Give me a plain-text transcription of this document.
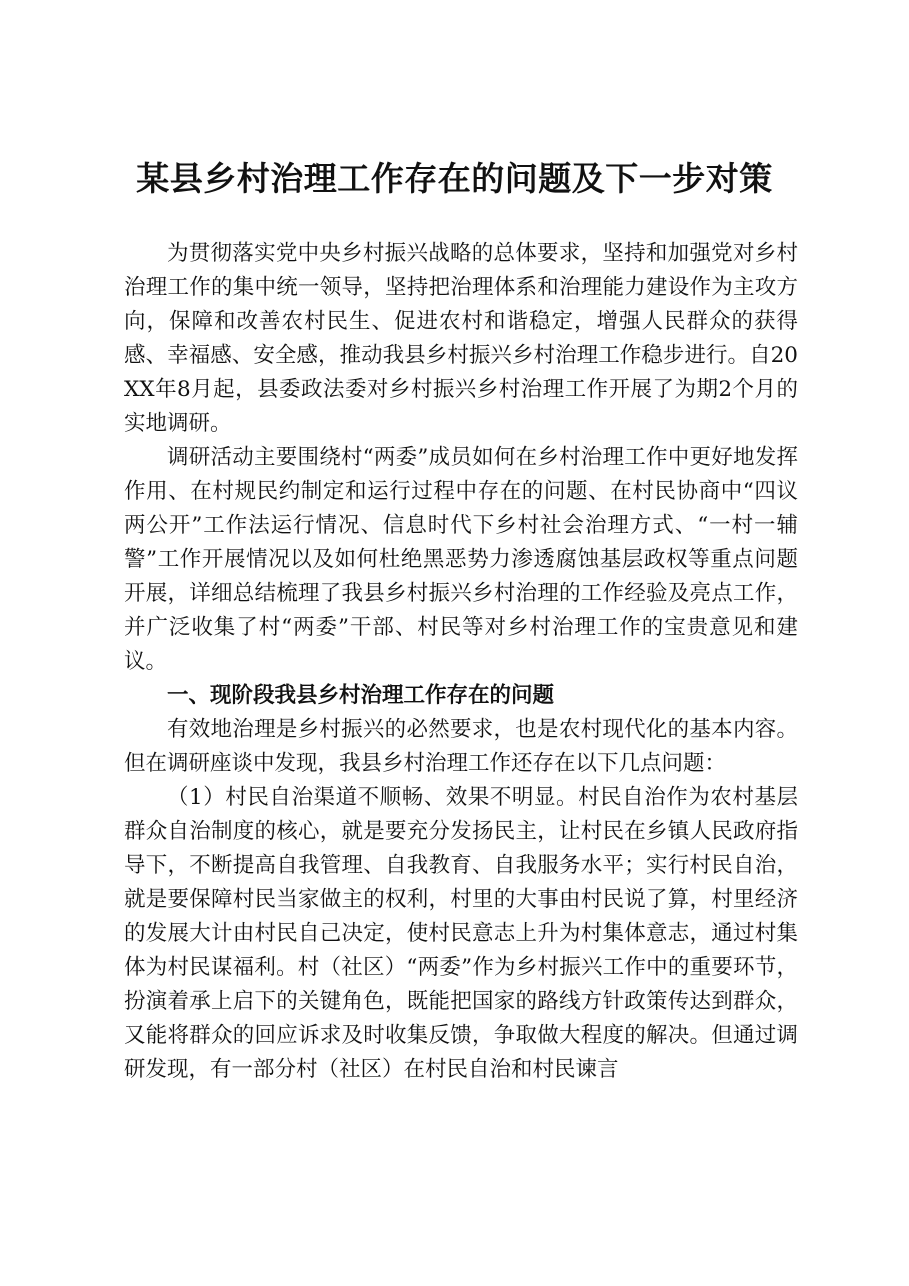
某县乡村治理工作存在的问题及下一步对策

为贯彻落实党中央乡村振兴战略的总体要求，坚持和加强党对乡村治理工作的集中统一领导，坚持把治理体系和治理能力建设作为主攻方向，保障和改善农村民生、促进农村和谐稳定，增强人民群众的获得感、幸福感、安全感，推动我县乡村振兴乡村治理工作稳步进行。自20XX年8月起，县委政法委对乡村振兴乡村治理工作开展了为期2个月的实地调研。

调研活动主要围绕村“两委”成员如何在乡村治理工作中更好地发挥作用、在村规民约制定和运行过程中存在的问题、在村民协商中“四议两公开”工作法运行情况、信息时代下乡村社会治理方式、“一村一辅警”工作开展情况以及如何杜绝黑恶势力渗透腐蚀基层政权等重点问题开展，详细总结梳理了我县乡村振兴乡村治理的工作经验及亮点工作，并广泛收集了村“两委”干部、村民等对乡村治理工作的宝贵意见和建议。

一、现阶段我县乡村治理工作存在的问题

有效地治理是乡村振兴的必然要求，也是农村现代化的基本内容。但在调研座谈中发现，我县乡村治理工作还存在以下几点问题：

（1）村民自治渠道不顺畅、效果不明显。村民自治作为农村基层群众自治制度的核心，就是要充分发扬民主，让村民在乡镇人民政府指导下，不断提高自我管理、自我教育、自我服务水平；实行村民自治，就是要保障村民当家做主的权利，村里的大事由村民说了算，村里经济的发展大计由村民自己决定，使村民意志上升为村集体意志，通过村集体为村民谋福利。村（社区）“两委”作为乡村振兴工作中的重要环节，扮演着承上启下的关键角色，既能把国家的路线方针政策传达到群众，又能将群众的回应诉求及时收集反馈，争取做大程度的解决。但通过调研发现，有一部分村（社区）在村民自治和村民谏言
